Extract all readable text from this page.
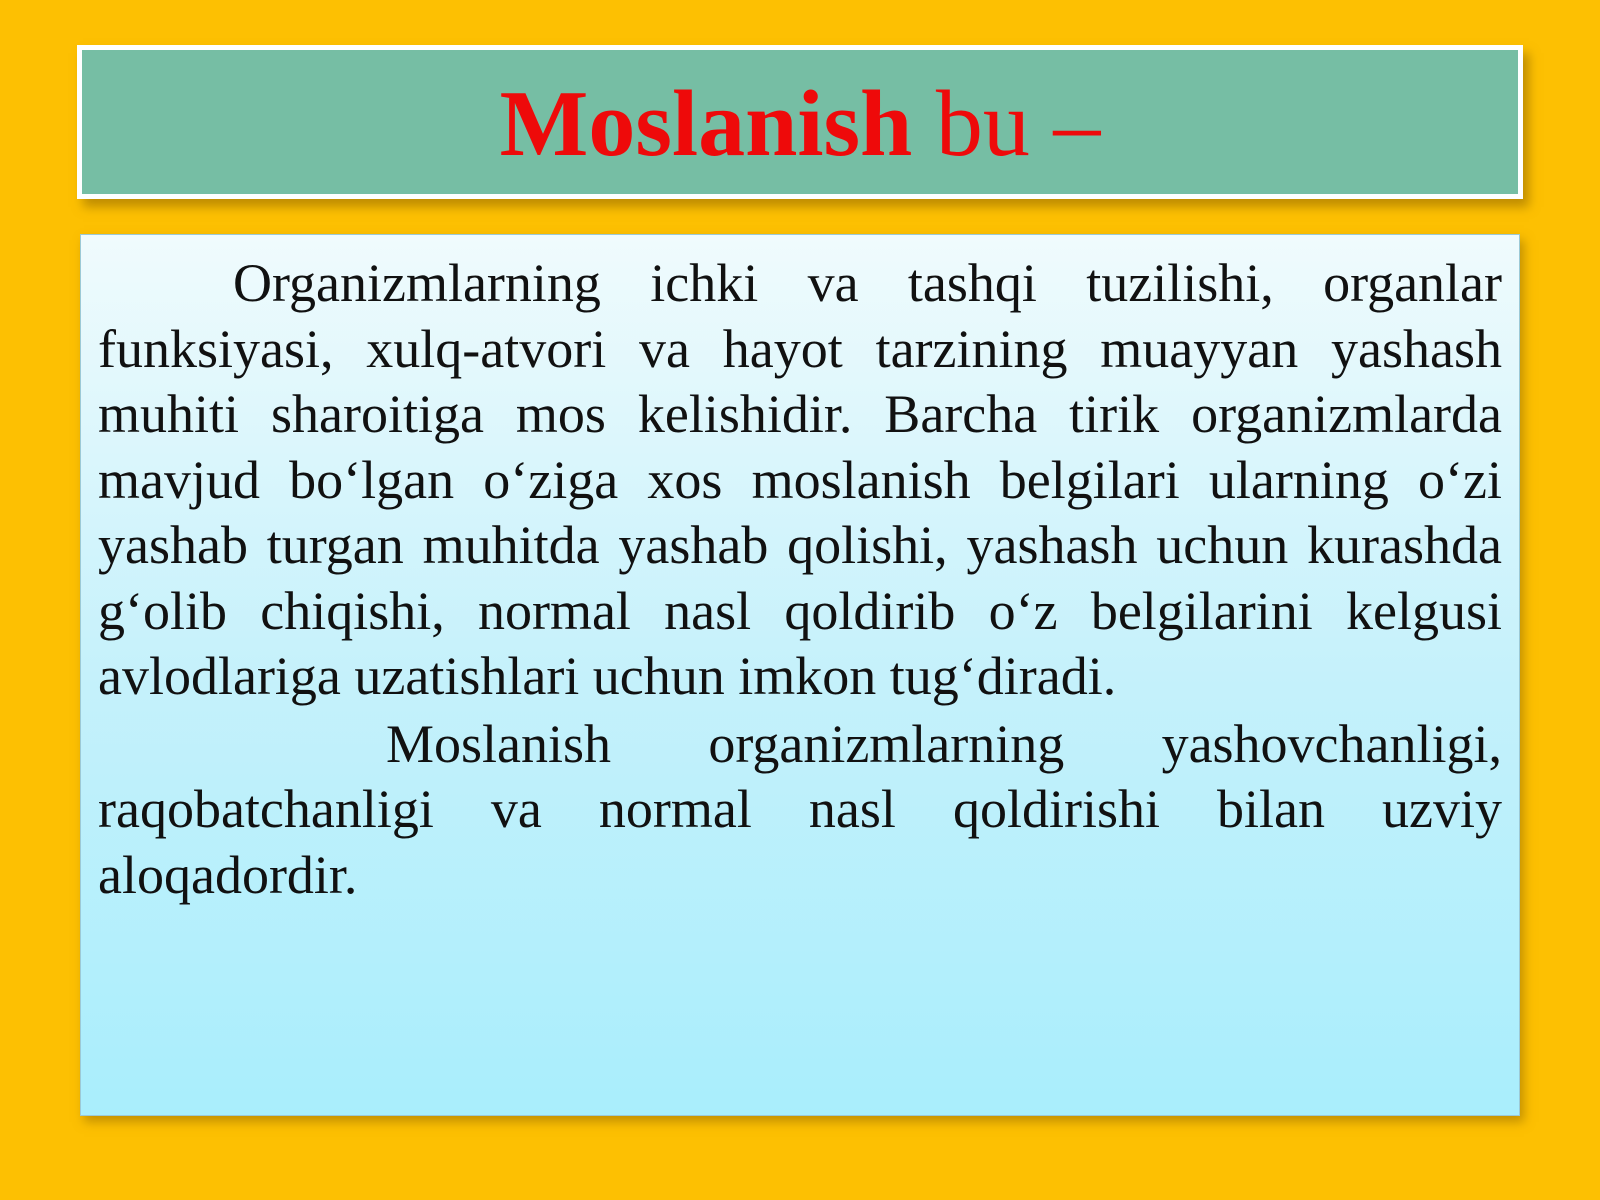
Moslanish bu –

Organizmlarning ichki va tashqi tuzilishi, organlar funksiyasi, xulq-atvori va hayot tarzining muayyan yashash muhiti sharoitiga mos kelishidir. Barcha tirik organizmlarda mavjud bo‘lgan o‘ziga xos moslanish belgilari ularning o‘zi yashab turgan muhitda yashab qolishi, yashash uchun kurashda g‘olib chiqishi, normal nasl qoldirib o‘z belgilarini kelgusi avlodlariga uzatishlari uchun imkon tug‘diradi.

Moslanish organizmlarning yashovchanligi, raqobatchanligi va normal nasl qoldirishi bilan uzviy aloqadordir.
